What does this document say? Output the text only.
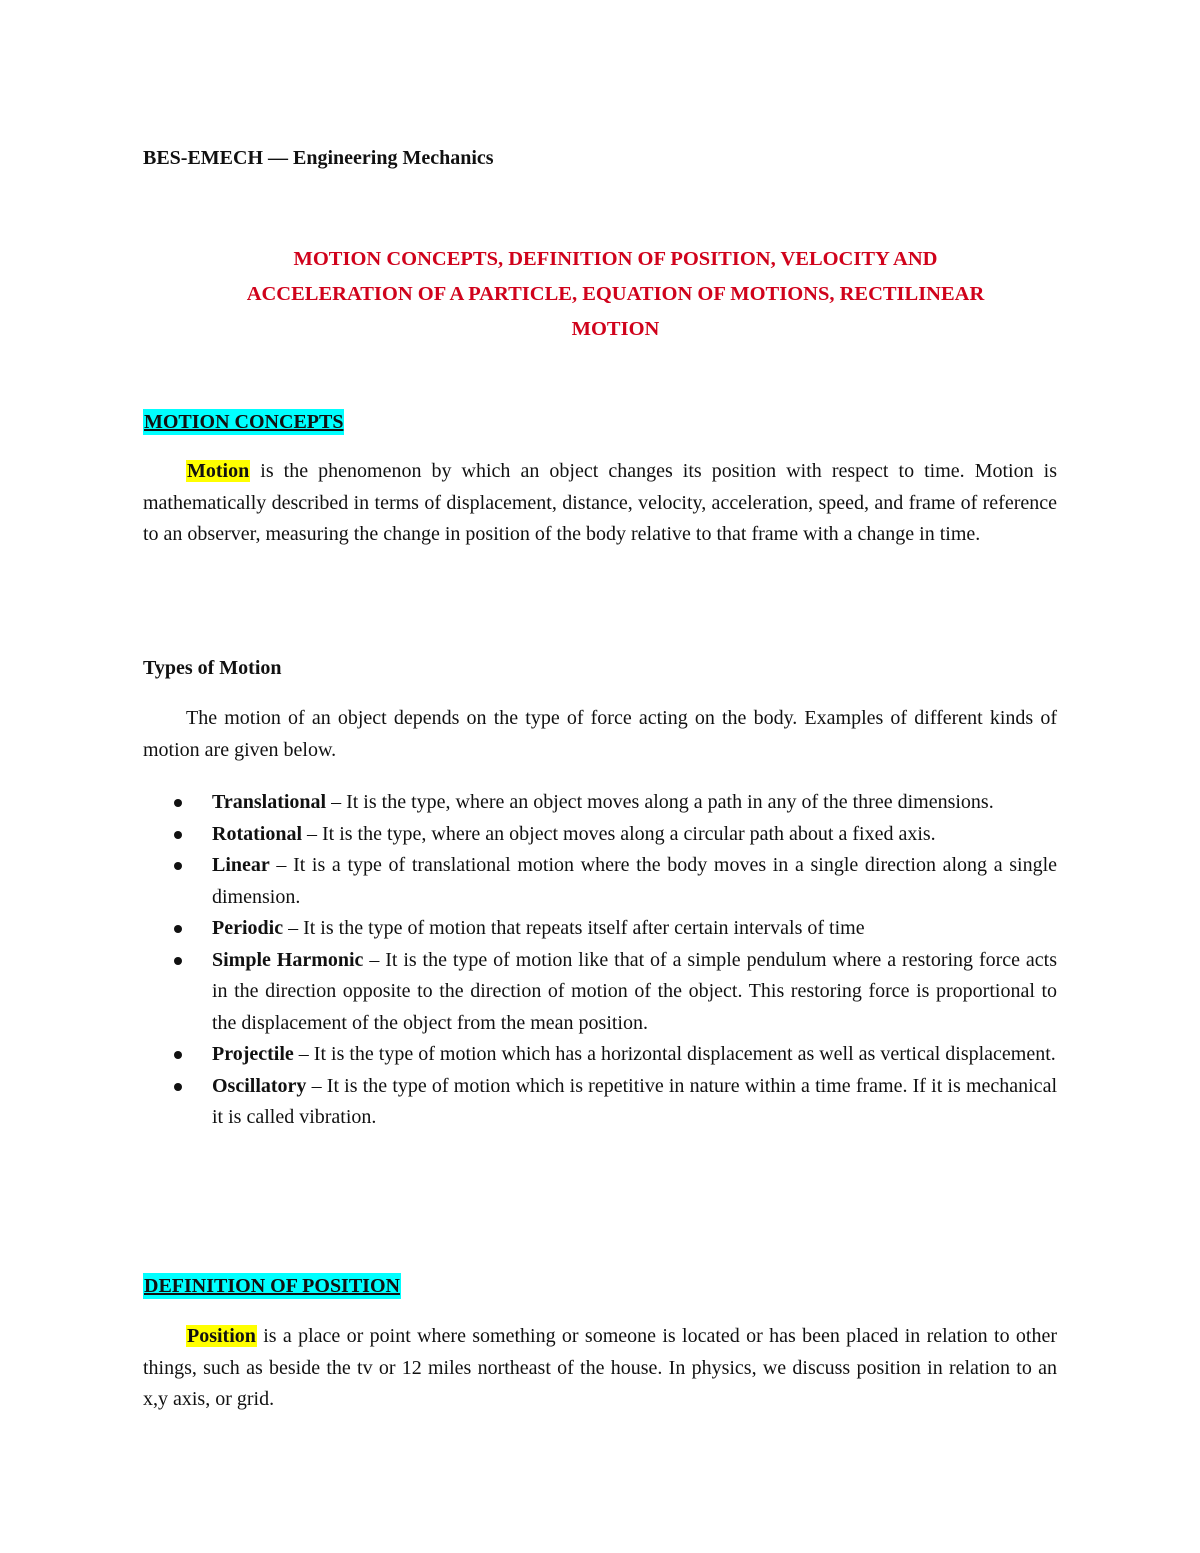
BES-EMECH — Engineering Mechanics
MOTION CONCEPTS, DEFINITION OF POSITION, VELOCITY AND
ACCELERATION OF A PARTICLE, EQUATION OF MOTIONS, RECTILINEAR
MOTION
MOTION CONCEPTS

Motion is the phenomenon by which an object changes its position with respect to time. Motion is mathematically described in terms of displacement, distance, velocity, acceleration, speed, and frame of reference to an observer, measuring the change in position of the body relative to that frame with a change in time.

Types of Motion

The motion of an object depends on the type of force acting on the body. Examples of different kinds of motion are given below.

Translational – It is the type, where an object moves along a path in any of the three dimensions.
Rotational – It is the type, where an object moves along a circular path about a fixed axis.
Linear – It is a type of translational motion where the body moves in a single direction along a single dimension.
Periodic – It is the type of motion that repeats itself after certain intervals of time
Simple Harmonic – It is the type of motion like that of a simple pendulum where a restoring force acts in the direction opposite to the direction of motion of the object. This restoring force is proportional to the displacement of the object from the mean position.
Projectile – It is the type of motion which has a horizontal displacement as well as vertical displacement.
Oscillatory – It is the type of motion which is repetitive in nature within a time frame. If it is mechanical it is called vibration.
DEFINITION OF POSITION

Position is a place or point where something or someone is located or has been placed in relation to other things, such as beside the tv or 12 miles northeast of the house. In physics, we discuss position in relation to an x,y axis, or grid.
